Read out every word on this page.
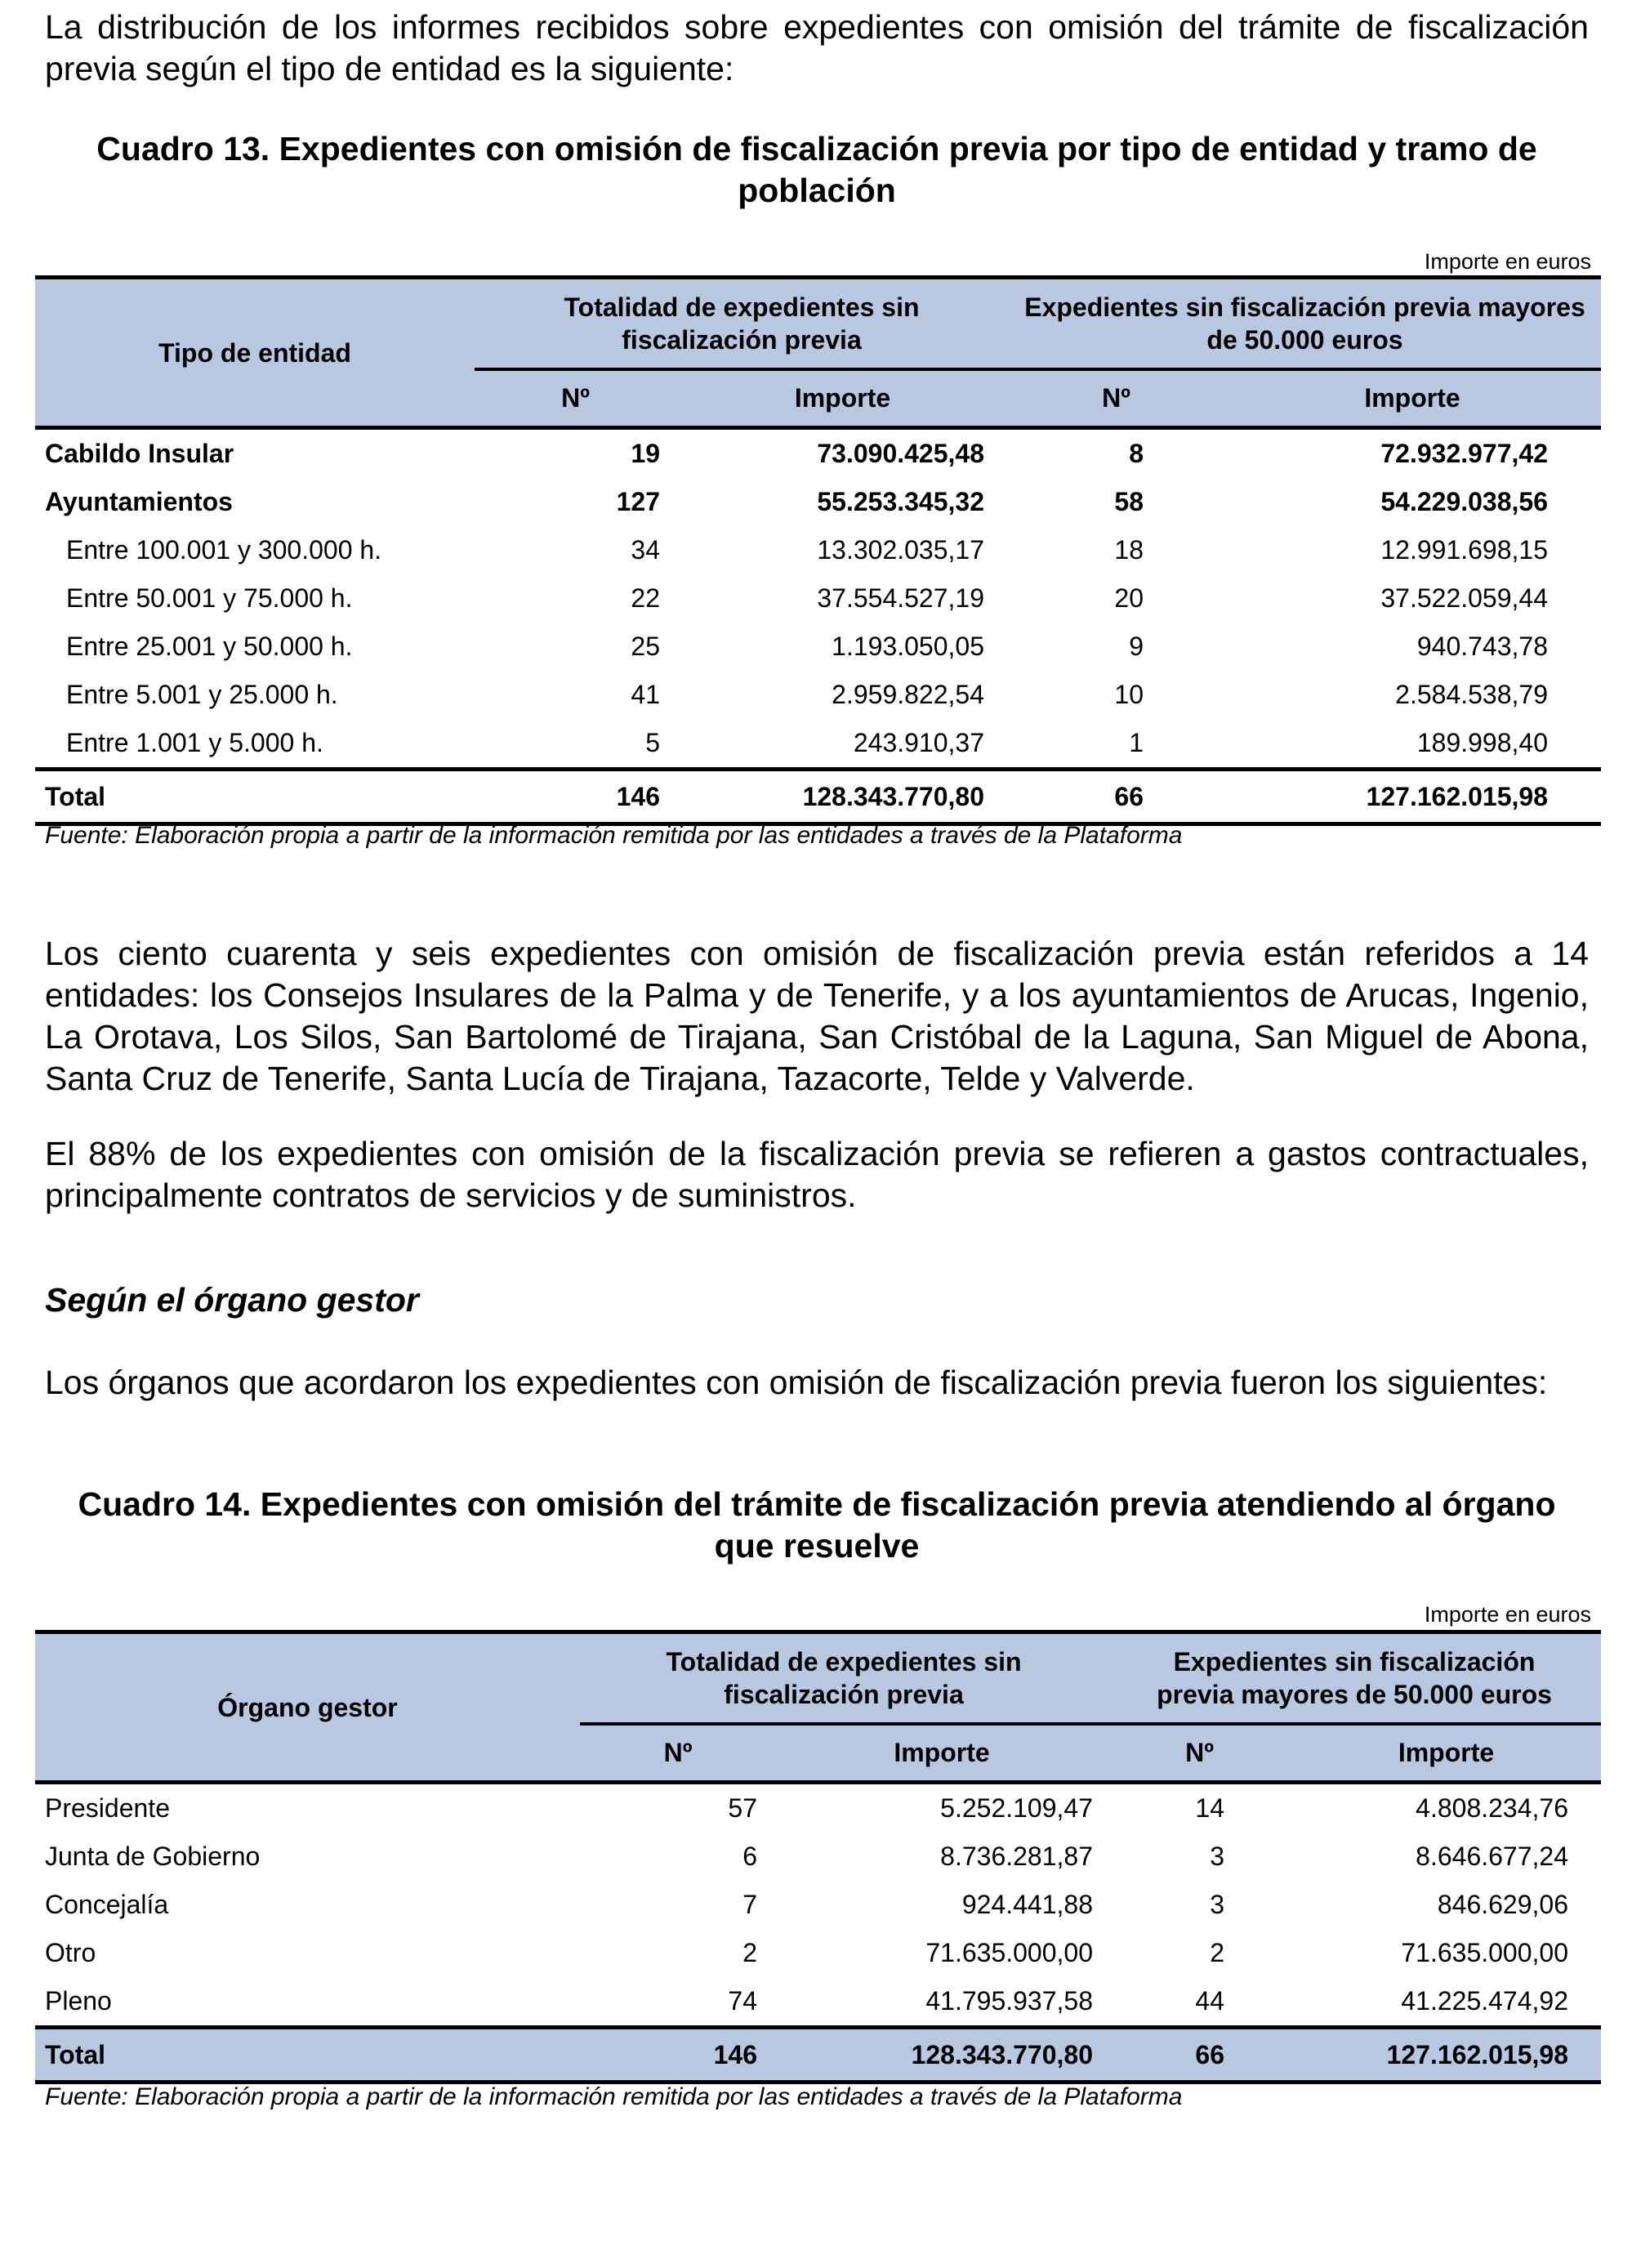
La distribución de los informes recibidos sobre expedientes con omisión del trámite de fiscalización previa según el tipo de entidad es la siguiente:

Cuadro 13. Expedientes con omisión de fiscalización previa por tipo de entidad y tramo de población

Importe en euros
Tipo de entidad	Totalidad de expedientes sin fiscalización previa		Expedientes sin fiscalización previa mayores de 50.000 euros	
	Nº	Importe	Nº	Importe
Cabildo Insular	19	73.090.425,48	8	72.932.977,42
Ayuntamientos	127	55.253.345,32	58	54.229.038,56
Entre 100.001 y 300.000 h.	34	13.302.035,17	18	12.991.698,15
Entre 50.001 y 75.000 h.	22	37.554.527,19	20	37.522.059,44
Entre 25.001 y 50.000 h.	25	1.193.050,05	9	940.743,78
Entre 5.001 y 25.000 h.	41	2.959.822,54	10	2.584.538,79
Entre 1.001 y 5.000 h.	5	243.910,37	1	189.998,40
Total	146	128.343.770,80	66	127.162.015,98
Fuente: Elaboración propia a partir de la información remitida por las entidades a través de la Plataforma

Los ciento cuarenta y seis expedientes con omisión de fiscalización previa están referidos a 14 entidades: los Consejos Insulares de la Palma y de Tenerife, y a los ayuntamientos de Arucas, Ingenio, La Orotava, Los Silos, San Bartolomé de Tirajana, San Cristóbal de la Laguna, San Miguel de Abona, Santa Cruz de Tenerife, Santa Lucía de Tirajana, Tazacorte, Telde y Valverde.

El 88% de los expedientes con omisión de la fiscalización previa se refieren a gastos contractuales, principalmente contratos de servicios y de suministros.

Según el órgano gestor

Los órganos que acordaron los expedientes con omisión de fiscalización previa fueron los siguientes:

Cuadro 14. Expedientes con omisión del trámite de fiscalización previa atendiendo al órgano que resuelve

Importe en euros
Órgano gestor	Totalidad de expedientes sin fiscalización previa		Expedientes sin fiscalización previa mayores de 50.000 euros	
	Nº	Importe	Nº	Importe
Presidente	57	5.252.109,47	14	4.808.234,76
Junta de Gobierno	6	8.736.281,87	3	8.646.677,24
Concejalía	7	924.441,88	3	846.629,06
Otro	2	71.635.000,00	2	71.635.000,00
Pleno	74	41.795.937,58	44	41.225.474,92
Total	146	128.343.770,80	66	127.162.015,98
Fuente: Elaboración propia a partir de la información remitida por las entidades a través de la Plataforma
